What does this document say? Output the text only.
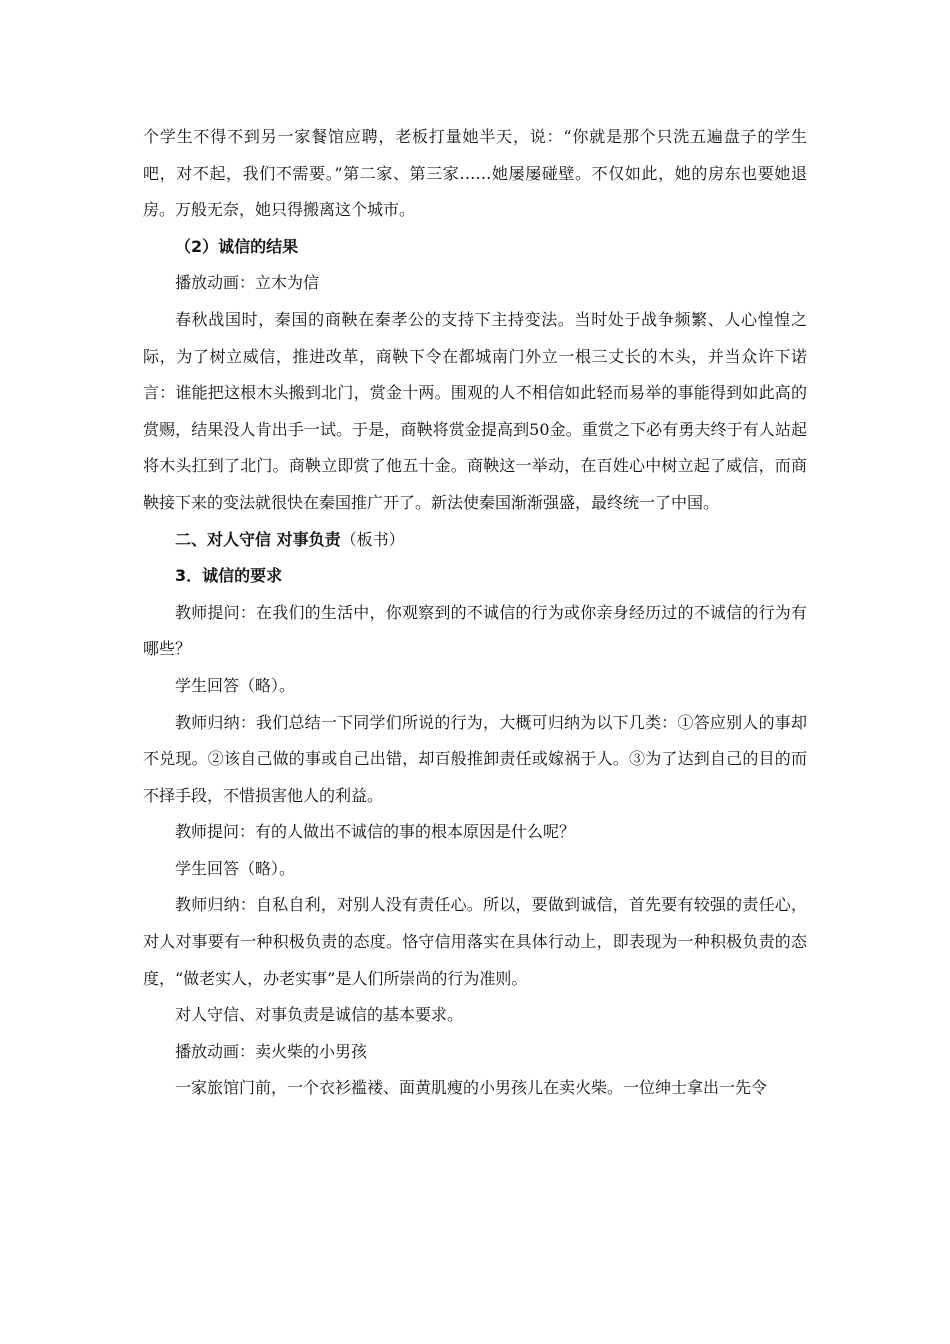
个学生不得不到另一家餐馆应聘，老板打量她半天，说：“你就是那个只洗五遍盘子的学生吧，对不起，我们不需要。”第二家、第三家……她屡屡碰壁。不仅如此，她的房东也要她退房。万般无奈，她只得搬离这个城市。

（2）诚信的结果

播放动画：立木为信

春秋战国时，秦国的商鞅在秦孝公的支持下主持变法。当时处于战争频繁、人心惶惶之际，为了树立威信，推进改革，商鞅下令在都城南门外立一根三丈长的木头，并当众许下诺言：谁能把这根木头搬到北门，赏金十两。围观的人不相信如此轻而易举的事能得到如此高的赏赐，结果没人肯出手一试。于是，商鞅将赏金提高到50金。重赏之下必有勇夫终于有人站起将木头扛到了北门。商鞅立即赏了他五十金。商鞅这一举动，在百姓心中树立起了威信，而商鞅接下来的变法就很快在秦国推广开了。新法使秦国渐渐强盛，最终统一了中国。

二、对人守信 对事负责（板书）

3．诚信的要求

教师提问：在我们的生活中，你观察到的不诚信的行为或你亲身经历过的不诚信的行为有哪些？

学生回答（略）。

教师归纳：我们总结一下同学们所说的行为，大概可归纳为以下几类：①答应别人的事却不兑现。②该自己做的事或自己出错，却百般推卸责任或嫁祸于人。③为了达到自己的目的而不择手段，不惜损害他人的利益。

教师提问：有的人做出不诚信的事的根本原因是什么呢？

学生回答（略）。

教师归纳：自私自利，对别人没有责任心。所以，要做到诚信，首先要有较强的责任心，对人对事要有一种积极负责的态度。恪守信用落实在具体行动上，即表现为一种积极负责的态度，“做老实人，办老实事”是人们所崇尚的行为准则。

对人守信、对事负责是诚信的基本要求。

播放动画：卖火柴的小男孩

一家旅馆门前，一个衣衫褴褛、面黄肌瘦的小男孩儿在卖火柴。一位绅士拿出一先令
